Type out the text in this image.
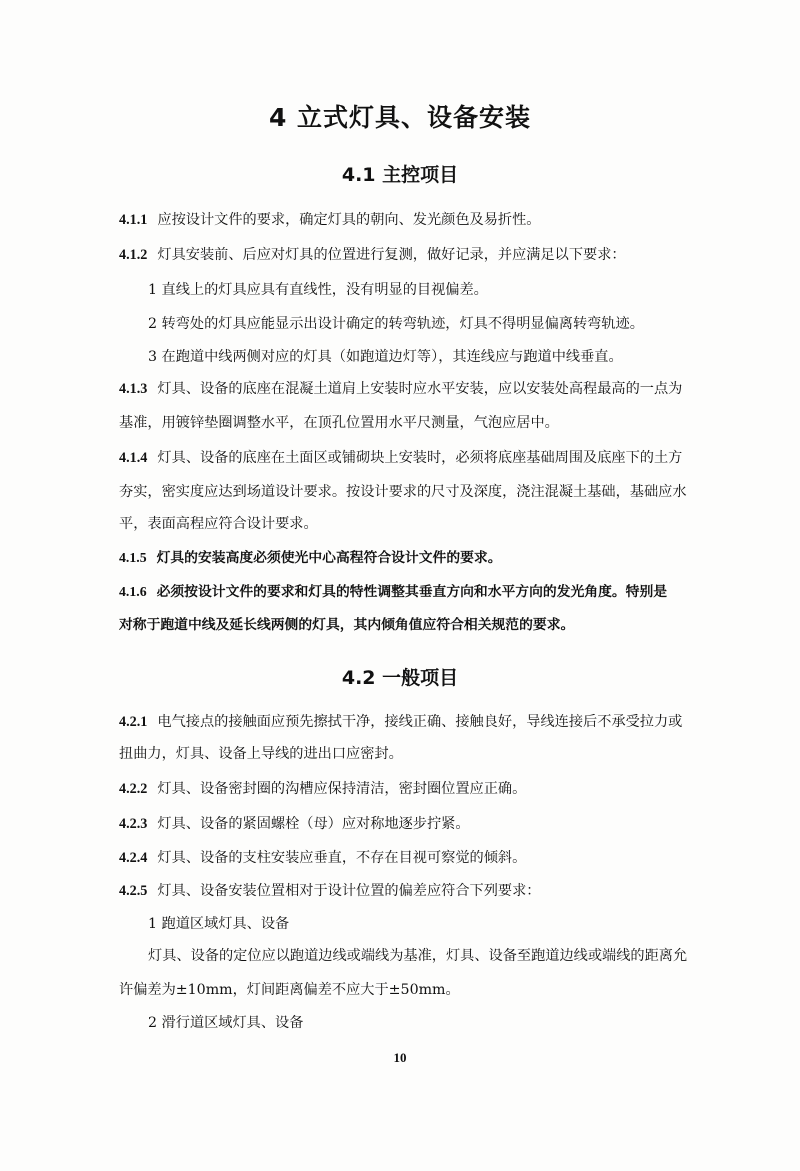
4 立式灯具、设备安装
4.1 主控项目

4.1.1 应按设计文件的要求，确定灯具的朝向、发光颜色及易折性。

4.1.2 灯具安装前、后应对灯具的位置进行复测，做好记录，并应满足以下要求：

1 直线上的灯具应具有直线性，没有明显的目视偏差。

2 转弯处的灯具应能显示出设计确定的转弯轨迹，灯具不得明显偏离转弯轨迹。

3 在跑道中线两侧对应的灯具（如跑道边灯等），其连线应与跑道中线垂直。

4.1.3 灯具、设备的底座在混凝土道肩上安装时应水平安装，应以安装处高程最高的一点为

基准，用镀锌垫圈调整水平，在顶孔位置用水平尺测量，气泡应居中。

4.1.4 灯具、设备的底座在土面区或铺砌块上安装时，必须将底座基础周围及底座下的土方

夯实，密实度应达到场道设计要求。按设计要求的尺寸及深度，浇注混凝土基础，基础应水

平，表面高程应符合设计要求。

4.1.5 灯具的安装高度必须使光中心高程符合设计文件的要求。

4.1.6 必须按设计文件的要求和灯具的特性调整其垂直方向和水平方向的发光角度。特别是

对称于跑道中线及延长线两侧的灯具，其内倾角值应符合相关规范的要求。

4.2 一般项目

4.2.1 电气接点的接触面应预先擦拭干净，接线正确、接触良好，导线连接后不承受拉力或

扭曲力，灯具、设备上导线的进出口应密封。

4.2.2 灯具、设备密封圈的沟槽应保持清洁，密封圈位置应正确。

4.2.3 灯具、设备的紧固螺栓（母）应对称地逐步拧紧。

4.2.4 灯具、设备的支柱安装应垂直，不存在目视可察觉的倾斜。

4.2.5 灯具、设备安装位置相对于设计位置的偏差应符合下列要求：

1 跑道区域灯具、设备

灯具、设备的定位应以跑道边线或端线为基准，灯具、设备至跑道边线或端线的距离允

许偏差为±10mm，灯间距离偏差不应大于±50mm。

2 滑行道区域灯具、设备

10
